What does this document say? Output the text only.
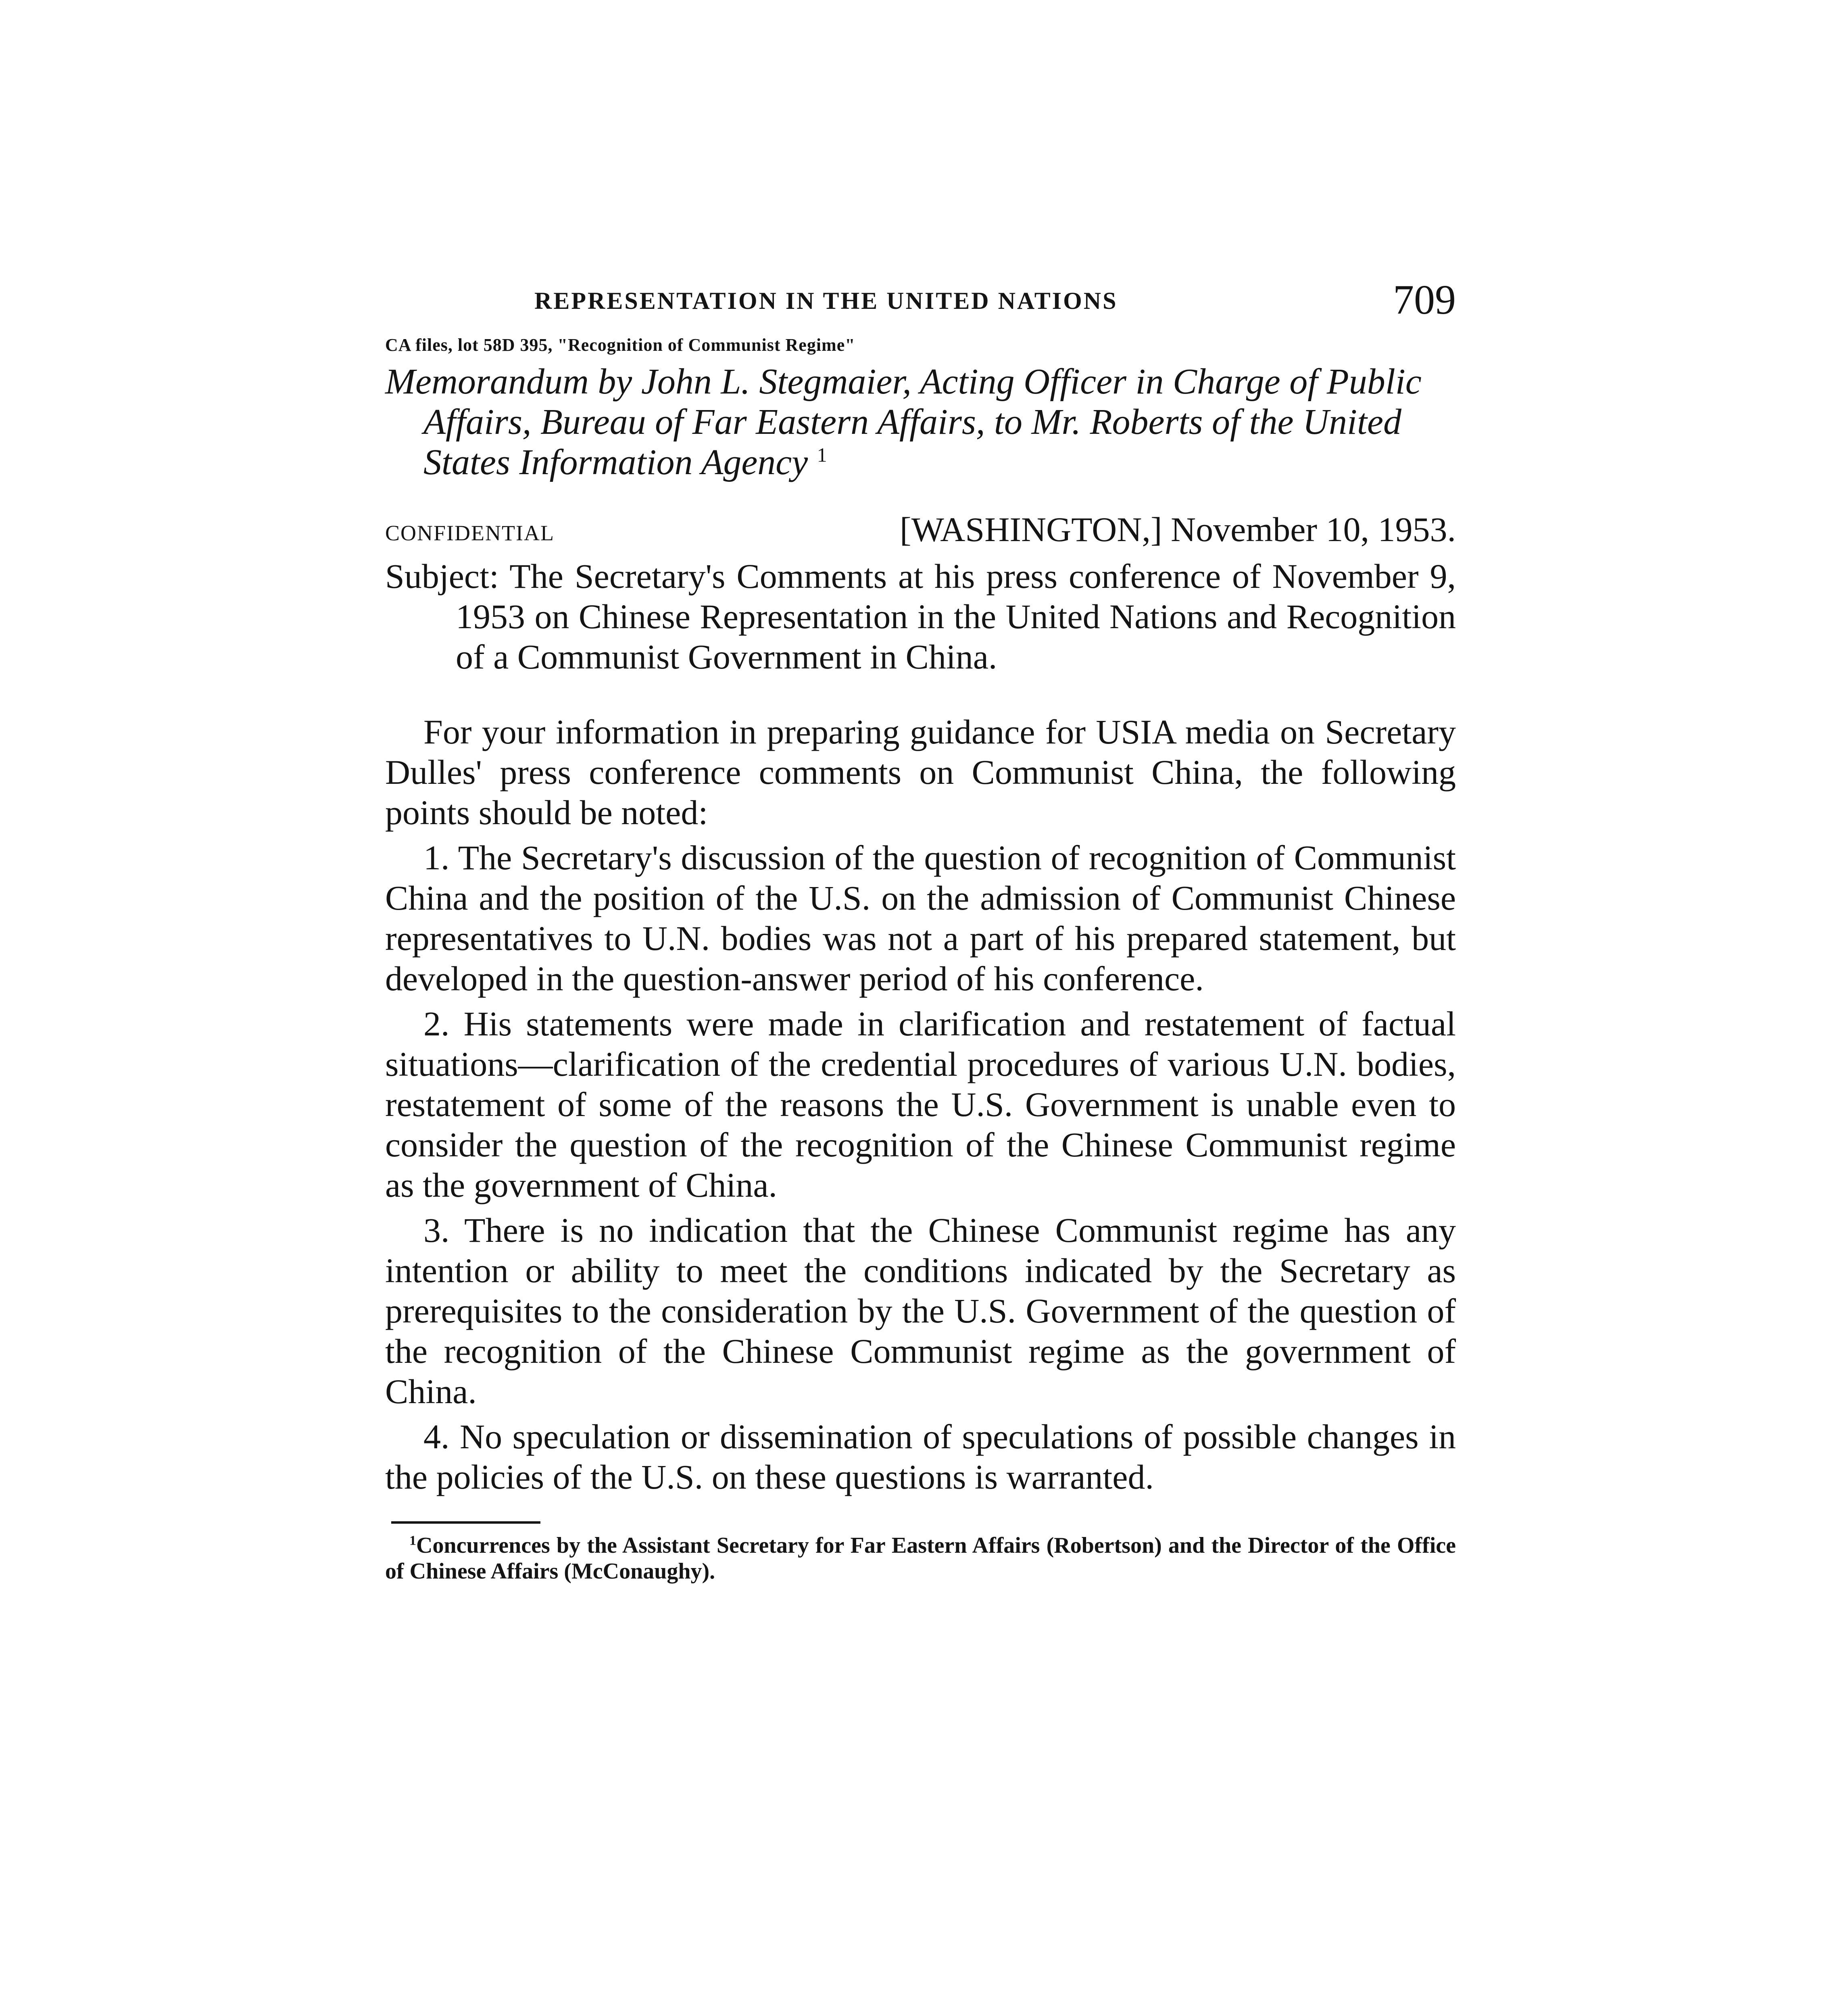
REPRESENTATION IN THE UNITED NATIONS	709
CA files, lot 58D 395, "Recognition of Communist Regime"
Memorandum by John L. Stegmaier, Acting Officer in Charge of Public Affairs, Bureau of Far Eastern Affairs, to Mr. Roberts of the United States Information Agency $^1$
CONFIDENTIAL	[WASHINGTON,] November 10, 1953.

Subject: The Secretary's Comments at his press conference of November 9, 1953 on Chinese Representation in the United Nations and Recognition of a Communist Government in China.

For your information in preparing guidance for USIA media on Secretary Dulles' press conference comments on Communist China, the following points should be noted:

1. The Secretary's discussion of the question of recognition of Communist China and the position of the U.S. on the admission of Communist Chinese representatives to U.N. bodies was not a part of his prepared statement, but developed in the question-answer period of his conference.

2. His statements were made in clarification and restatement of factual situations—clarification of the credential procedures of various U.N. bodies, restatement of some of the reasons the U.S. Government is unable even to consider the question of the recognition of the Chinese Communist regime as the government of China.

3. There is no indication that the Chinese Communist regime has any intention or ability to meet the conditions indicated by the Secretary as prerequisites to the consideration by the U.S. Government of the question of the recognition of the Chinese Communist regime as the government of China.

4. No speculation or dissemination of speculations of possible changes in the policies of the U.S. on these questions is warranted.

$^1$Concurrences by the Assistant Secretary for Far Eastern Affairs (Robertson) and the Director of the Office of Chinese Affairs (McConaughy).
